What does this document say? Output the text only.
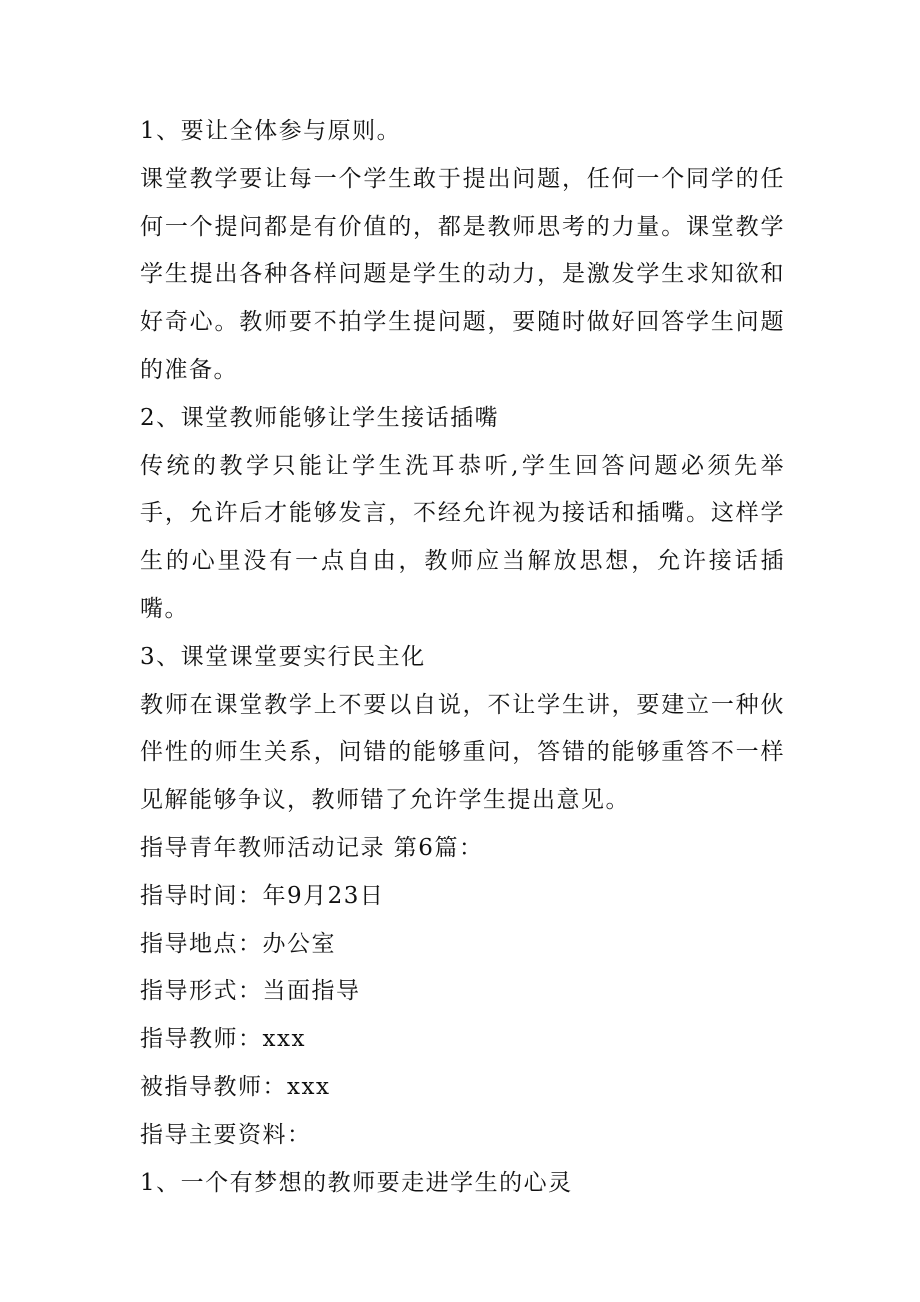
1、要让全体参与原则。

课堂教学要让每一个学生敢于提出问题，任何一个同学的任何一个提问都是有价值的，都是教师思考的力量。课堂教学学生提出各种各样问题是学生的动力，是激发学生求知欲和好奇心。教师要不拍学生提问题，要随时做好回答学生问题的准备。

2、课堂教师能够让学生接话插嘴

传统的教学只能让学生洗耳恭听,学生回答问题必须先举手，允许后才能够发言，不经允许视为接话和插嘴。这样学生的心里没有一点自由，教师应当解放思想，允许接话插嘴。

3、课堂课堂要实行民主化

教师在课堂教学上不要以自说，不让学生讲，要建立一种伙伴性的师生关系，问错的能够重问，答错的能够重答不一样见解能够争议，教师错了允许学生提出意见。

指导青年教师活动记录 第6篇：
指导时间：年9月23日
指导地点：办公室
指导形式：当面指导
指导教师：xxx
被指导教师：xxx
指导主要资料：
1、一个有梦想的教师要走进学生的心灵
